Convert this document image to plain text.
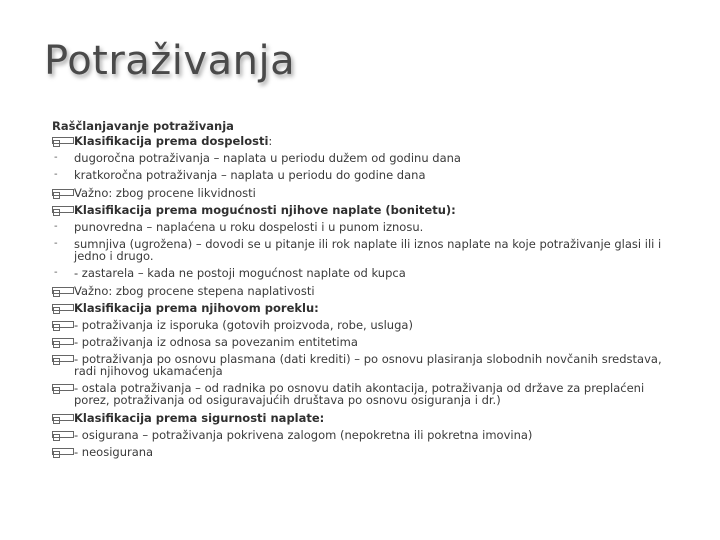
Potraživanja
Raščlanjavanje potraživanja
Klasifikacija prema dospelosti:
-	dugoročna potraživanja – naplata u periodu dužem od godinu dana
-	kratkoročna potraživanja – naplata u periodu do godine dana
Važno: zbog procene likvidnosti
Klasifikacija prema mogućnosti njihove naplate (bonitetu):
-	punovredna – naplaćena u roku dospelosti i u punom iznosu.
-	sumnjiva (ugrožena) – dovodi se u pitanje ili rok naplate ili iznos naplate na koje potraživanje glasi ili i jedno i drugo.
-	- zastarela – kada ne postoji mogućnost naplate od kupca
Važno: zbog procene stepena naplativosti
Klasifikacija prema njihovom poreklu:
- potraživanja iz isporuka (gotovih proizvoda, robe, usluga)
- potraživanja iz odnosa sa povezanim entitetima
- potraživanja po osnovu plasmana (dati krediti) – po osnovu plasiranja slobodnih novčanih sredstava, radi njihovog ukamaćenja
- ostala potraživanja – od radnika po osnovu datih akontacija, potraživanja od države za preplaćeni porez, potraživanja od osiguravajućih društava po osnovu osiguranja i dr.)
Klasifikacija prema sigurnosti naplate:
- osigurana – potraživanja pokrivena zalogom (nepokretna ili pokretna imovina)
- neosigurana
